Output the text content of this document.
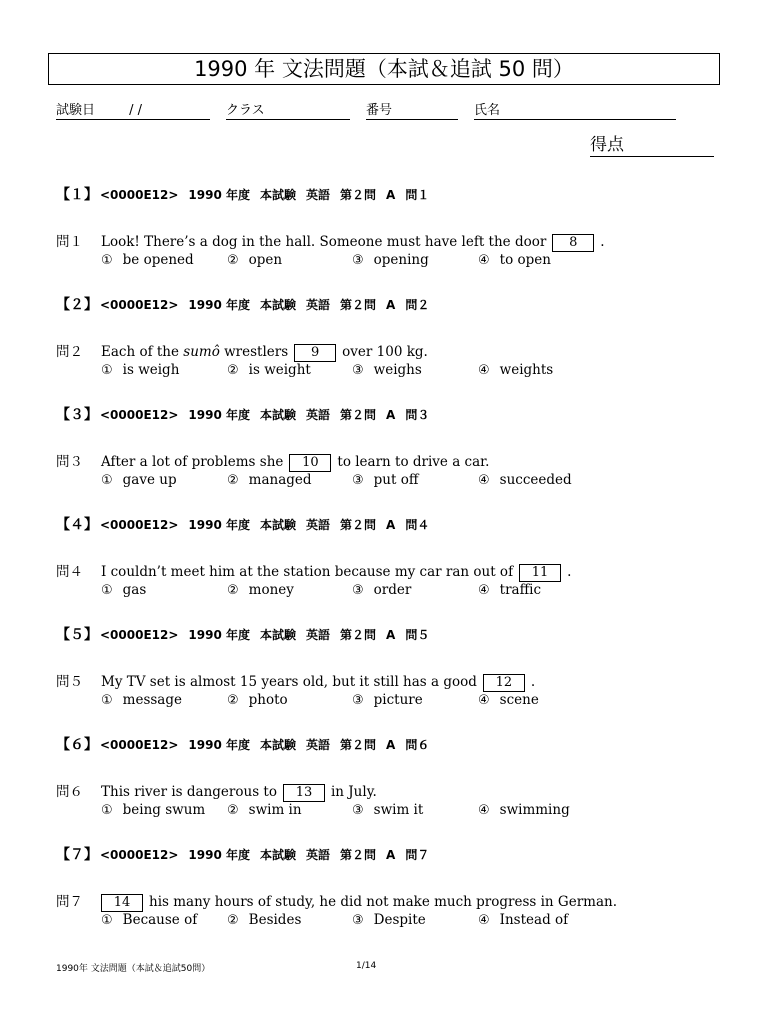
1990 年 文法問題（本試＆追試 50 問）
試験日	/ /	クラス	番号	氏名
得点
【１】 <0000E12> 1990 年度 本試験 英語 第２問 A 問１
問１ Look! There’s a dog in the hall. Someone must have left the door 8 .
① be opened	② open	③ opening	④ to open
【２】 <0000E12> 1990 年度 本試験 英語 第２問 A 問２
問２ Each of the sumô wrestlers 9 over 100 kg.
① is weigh	② is weight	③ weighs	④ weights
【３】 <0000E12> 1990 年度 本試験 英語 第２問 A 問３
問３ After a lot of problems she 10 to learn to drive a car.
① gave up	② managed	③ put off	④ succeeded
【４】 <0000E12> 1990 年度 本試験 英語 第２問 A 問４
問４ I couldn’t meet him at the station because my car ran out of 11 .
① gas	② money	③ order	④ traffic
【５】 <0000E12> 1990 年度 本試験 英語 第２問 A 問５
問５ My TV set is almost 15 years old, but it still has a good 12 .
① message	② photo	③ picture	④ scene
【６】 <0000E12> 1990 年度 本試験 英語 第２問 A 問６
問６ This river is dangerous to 13 in July.
① being swum ② swim in	③ swim it	④ swimming
【７】 <0000E12> 1990 年度 本試験 英語 第２問 A 問７
問７ 14 his many hours of study, he did not make much progress in German.
① Because of ② Besides	③ Despite	④ Instead of
1990年 文法問題（本試＆追試50問）	1/14
